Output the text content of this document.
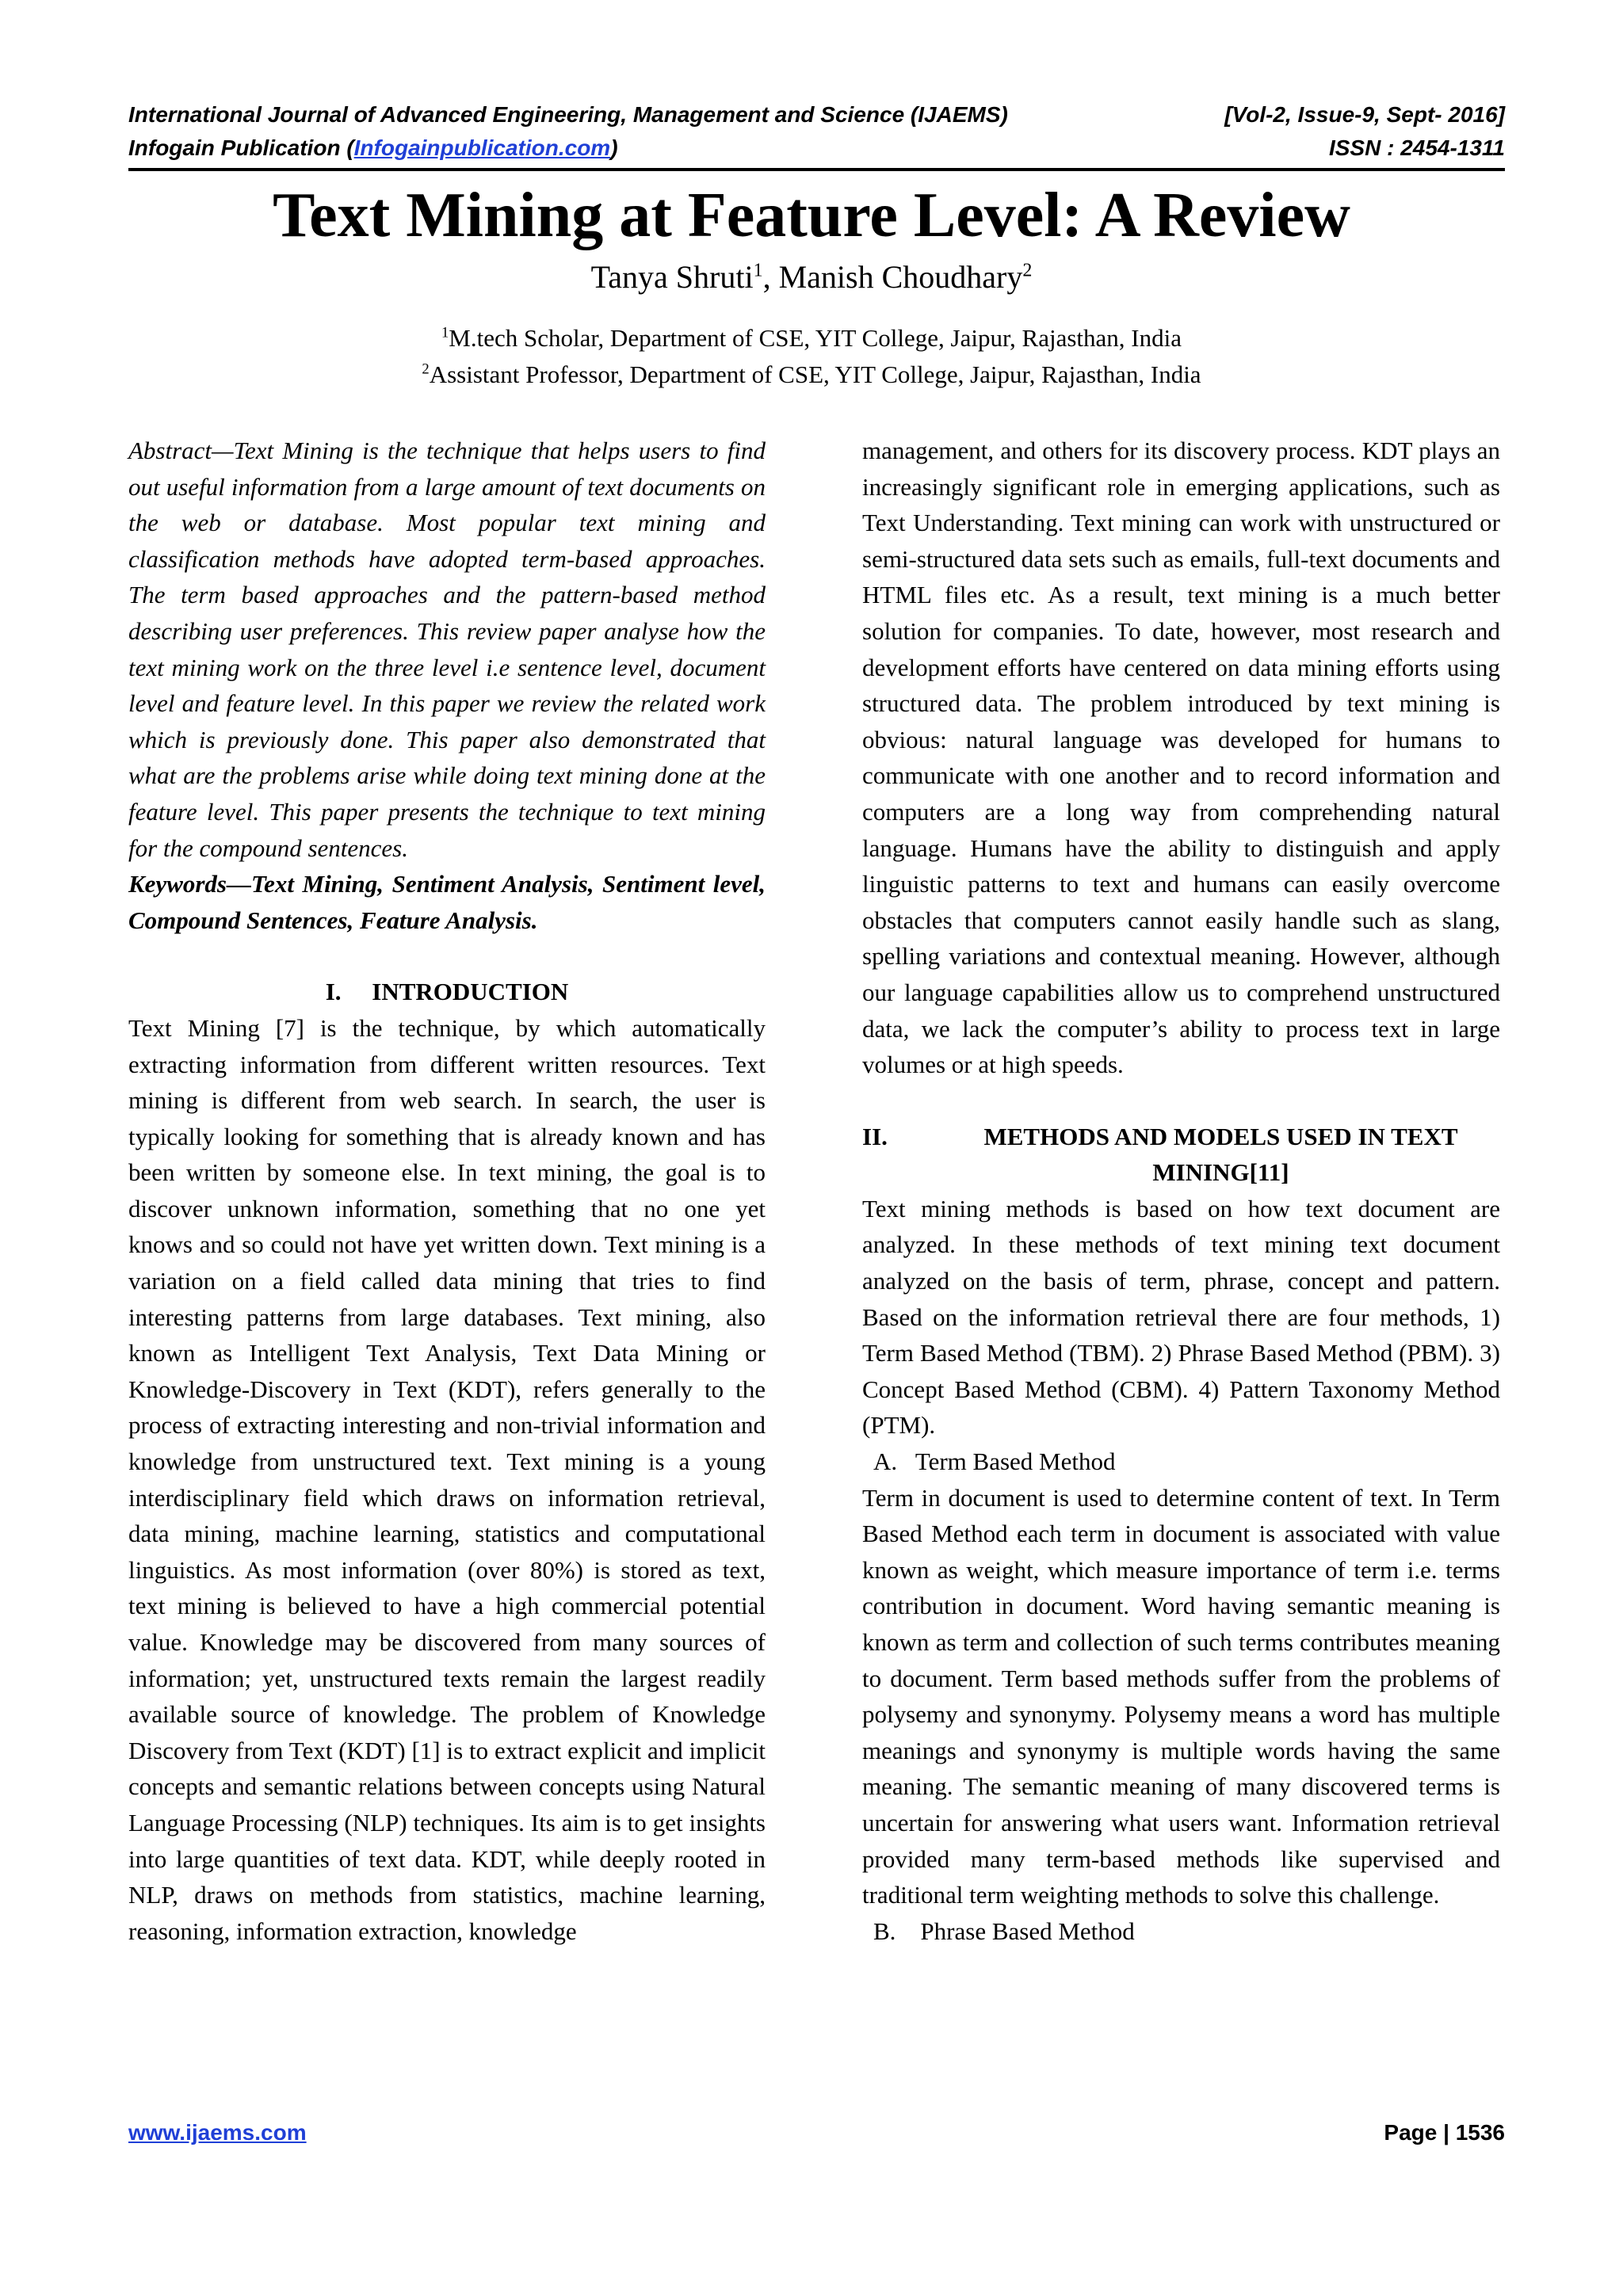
International Journal of Advanced Engineering, Management and Science (IJAEMS)	[Vol-2, Issue-9, Sept- 2016]
Infogain Publication (Infogainpublication.com)	ISSN : 2454-1311
Text Mining at Feature Level: A Review
Tanya Shruti$^1$, Manish Choudhary$^2$
$^1$M.tech Scholar, Department of CSE, YIT College, Jaipur, Rajasthan, India
$^2$Assistant Professor, Department of CSE, YIT College, Jaipur, Rajasthan, India

Abstract—Text Mining is the technique that helps users to find out useful information from a large amount of text documents on the web or database. Most popular text mining and classification methods have adopted term-based approaches. The term based approaches and the pattern-based method describing user preferences. This review paper analyse how the text mining work on the three level i.e sentence level, document level and feature level. In this paper we review the related work which is previously done. This paper also demonstrated that what are the problems arise while doing text mining done at the feature level. This paper presents the technique to text mining for the compound sentences.

Keywords—Text Mining, Sentiment Analysis, Sentiment level, Compound Sentences, Feature Analysis.

I.     INTRODUCTION

Text Mining [7] is the technique, by which automatically extracting information from different written resources. Text mining is different from web search. In search, the user is typically looking for something that is already known and has been written by someone else. In text mining, the goal is to discover unknown information, something that no one yet knows and so could not have yet written down. Text mining is a variation on a field called data mining that tries to find interesting patterns from large databases. Text mining, also known as Intelligent Text Analysis, Text Data Mining or Knowledge-Discovery in Text (KDT), refers generally to the process of extracting interesting and non-trivial information and knowledge from unstructured text. Text mining is a young interdisciplinary field which draws on information retrieval, data mining, machine learning, statistics and computational linguistics. As most information (over 80%) is stored as text, text mining is believed to have a high commercial potential value. Knowledge may be discovered from many sources of information; yet, unstructured texts remain the largest readily available source of knowledge. The problem of Knowledge Discovery from Text (KDT) [1] is to extract explicit and implicit concepts and semantic relations between concepts using Natural Language Processing (NLP) techniques. Its aim is to get insights into large quantities of text data. KDT, while deeply rooted in NLP, draws on methods from statistics, machine learning, reasoning, information extraction, knowledge

management, and others for its discovery process. KDT plays an increasingly significant role in emerging applications, such as Text Understanding. Text mining can work with unstructured or semi-structured data sets such as emails, full-text documents and HTML files etc. As a result, text mining is a much better solution for companies. To date, however, most research and development efforts have centered on data mining efforts using structured data. The problem introduced by text mining is obvious: natural language was developed for humans to communicate with one another and to record information and computers are a long way from comprehending natural language. Humans have the ability to distinguish and apply linguistic patterns to text and humans can easily overcome obstacles that computers cannot easily handle such as slang, spelling variations and contextual meaning. However, although our language capabilities allow us to comprehend unstructured data, we lack the computer’s ability to process text in large volumes or at high speeds.

II.	METHODS AND MODELS USED IN TEXT MINING[11]

Text mining methods is based on how text document are analyzed. In these methods of text mining text document analyzed on the basis of term, phrase, concept and pattern. Based on the information retrieval there are four methods, 1) Term Based Method (TBM). 2) Phrase Based Method (PBM). 3) Concept Based Method (CBM). 4) Pattern Taxonomy Method (PTM).

A.   Term Based Method

Term in document is used to determine content of text. In Term Based Method each term in document is associated with value known as weight, which measure importance of term i.e. terms contribution in document. Word having semantic meaning is known as term and collection of such terms contributes meaning to document. Term based methods suffer from the problems of polysemy and synonymy. Polysemy means a word has multiple meanings and synonymy is multiple words having the same meaning. The semantic meaning of many discovered terms is uncertain for answering what users want. Information retrieval provided many term-based methods like supervised and traditional term weighting methods to solve this challenge.

B.    Phrase Based Method

www.ijaems.com	Page | 1536
